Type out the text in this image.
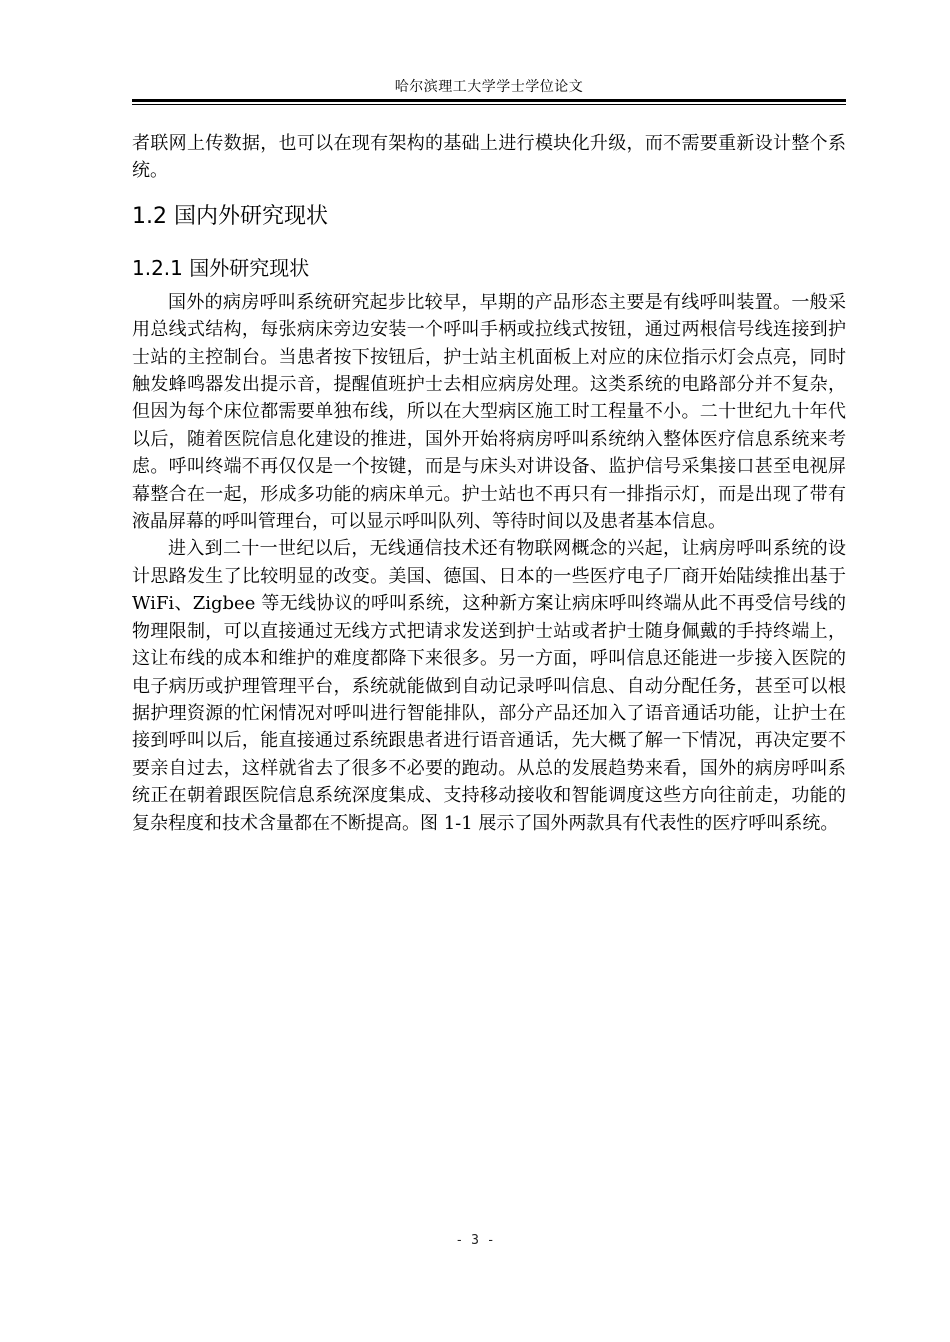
哈尔滨理工大学学士学位论文

者联网上传数据，也可以在现有架构的基础上进行模块化升级，而不需要重新设计整个系统。

1.2 国内外研究现状
1.2.1 国外研究现状

国外的病房呼叫系统研究起步比较早，早期的产品形态主要是有线呼叫装置。一般采用总线式结构，每张病床旁边安装一个呼叫手柄或拉线式按钮，通过两根信号线连接到护士站的主控制台。当患者按下按钮后，护士站主机面板上对应的床位指示灯会点亮，同时触发蜂鸣器发出提示音，提醒值班护士去相应病房处理。这类系统的电路部分并不复杂，但因为每个床位都需要单独布线，所以在大型病区施工时工程量不小。二十世纪九十年代以后，随着医院信息化建设的推进，国外开始将病房呼叫系统纳入整体医疗信息系统来考虑。呼叫终端不再仅仅是一个按键，而是与床头对讲设备、监护信号采集接口甚至电视屏幕整合在一起，形成多功能的病床单元。护士站也不再只有一排指示灯，而是出现了带有液晶屏幕的呼叫管理台，可以显示呼叫队列、等待时间以及患者基本信息。

进入到二十一世纪以后，无线通信技术还有物联网概念的兴起，让病房呼叫系统的设计思路发生了比较明显的改变。美国、德国、日本的一些医疗电子厂商开始陆续推出基于 WiFi、Zigbee 等无线协议的呼叫系统，这种新方案让病床呼叫终端从此不再受信号线的物理限制，可以直接通过无线方式把请求发送到护士站或者护士随身佩戴的手持终端上，这让布线的成本和维护的难度都降下来很多。另一方面，呼叫信息还能进一步接入医院的电子病历或护理管理平台，系统就能做到自动记录呼叫信息、自动分配任务，甚至可以根据护理资源的忙闲情况对呼叫进行智能排队，部分产品还加入了语音通话功能，让护士在接到呼叫以后，能直接通过系统跟患者进行语音通话，先大概了解一下情况，再决定要不要亲自过去，这样就省去了很多不必要的跑动。从总的发展趋势来看，国外的病房呼叫系统正在朝着跟医院信息系统深度集成、支持移动接收和智能调度这些方向往前走，功能的复杂程度和技术含量都在不断提高。图 1-1 展示了国外两款具有代表性的医疗呼叫系统。

- 3 -
